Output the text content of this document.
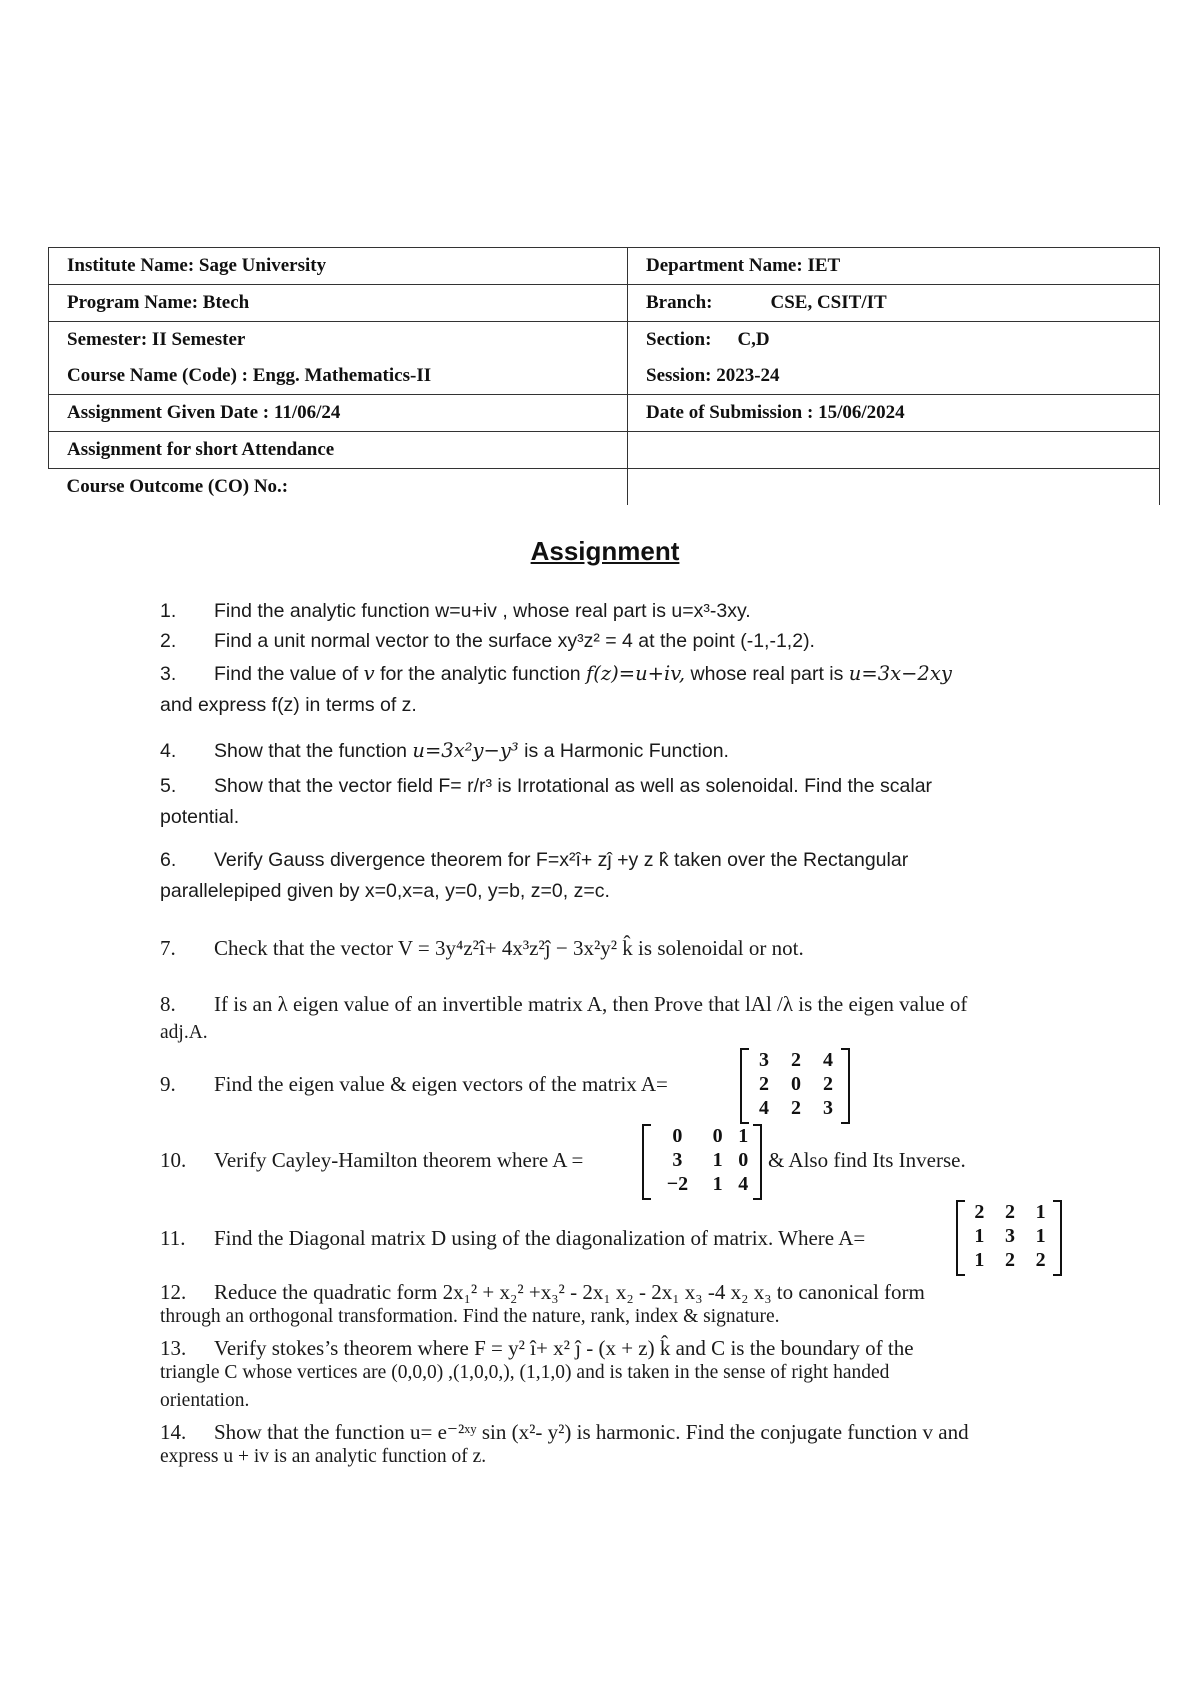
Institute Name: Sage University	Department Name: IET
Program Name: Btech	Branch: CSE, CSIT/IT
Semester: II Semester	Section: C,D
Course Name (Code) : Engg. Mathematics-II	Session: 2023-24
Assignment Given Date : 11/06/24	Date of Submission : 15/06/2024
Assignment for short Attendance	
Course Outcome (CO) No.:	
Assignment
1. Find the analytic function w=u+iv , whose real part is u=x³-3xy.
2. Find a unit normal vector to the surface xy³z² = 4 at the point (-1,-1,2).
3. Find the value of v for the analytic function f(z)=u+iv, whose real part is u=3x−2xy
and express f(z) in terms of z.
4. Show that the function u=3x²y−y³ is a Harmonic Function.
5. Show that the vector field F= r/r³ is Irrotational as well as solenoidal. Find the scalar
potential.
6. Verify Gauss divergence theorem for F=x²î+ zĵ +y z k̂ taken over the Rectangular
parallelepiped given by x=0,x=a, y=0, y=b, z=0, z=c.
7. Check that the vector V = 3y⁴z²î+ 4x³z²ĵ − 3x²y² k̂ is solenoidal or not.
8. If is an λ eigen value of an invertible matrix A, then Prove that lAl /λ is the eigen value of
adj.A.
9. Find the eigen value & eigen vectors of the matrix A=
3	2	4
2	0	2
4	2	3
10. Verify Cayley-Hamilton theorem where A =
0	0	1
3	1	0
−2	1	4
& Also find Its Inverse.
11. Find the Diagonal matrix D using of the diagonalization of matrix. Where A=
2	2	1
1	3	1
1	2	2
12. Reduce the quadratic form 2x₁² + x₂² +x₃² - 2x₁ x₂ - 2x₁ x₃ -4 x₂ x₃ to canonical form
through an orthogonal transformation. Find the nature, rank, index & signature.
13. Verify stokes’s theorem where F = y² î+ x² ĵ - (x + z) k̂ and C is the boundary of the
triangle C whose vertices are (0,0,0) ,(1,0,0,), (1,1,0) and is taken in the sense of right handed
orientation.
14. Show that the function u= e⁻²ˣʸ sin (x²- y²) is harmonic. Find the conjugate function v and
express u + iv is an analytic function of z.
